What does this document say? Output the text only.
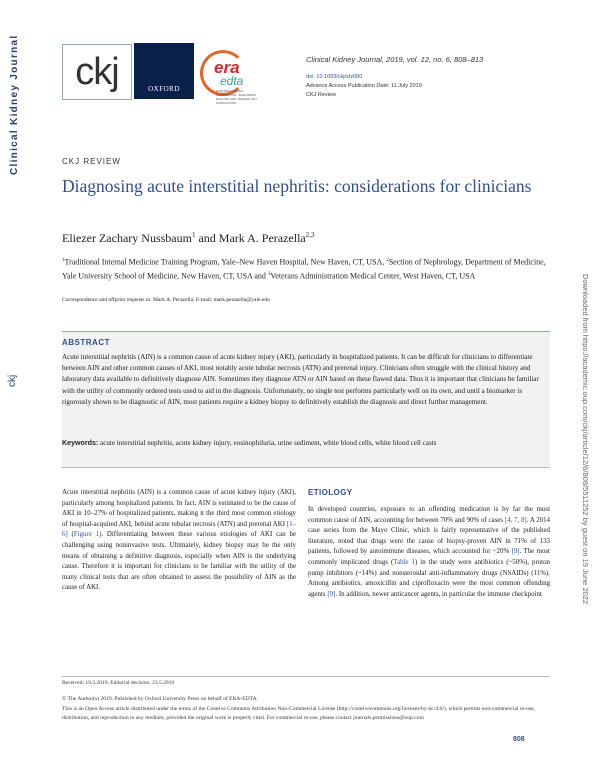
Clinical Kidney Journal
ckj	Downloaded from https://academic.oup.com/ckj/article/12/6/808/5511252 by guest on 19 June 2022
ckj	OXFORD
era
edta
EUROPEAN RENAL ASSOCIATION - EUROPEAN DIALYSIS AND TRANSPLANT ASSOCIATION
Clinical Kidney Journal, 2019, vol. 12, no. 6, 808–813
doi: 10.1093/ckj/sfz080
Advance Access Publication Date: 11 July 2019
CKJ Review
CKJ REVIEW
Diagnosing acute interstitial nephritis: considerations for clinicians
Eliezer Zachary Nussbaum$^1$ and Mark A. Perazella$^{2,3}$
$^1$Traditional Internal Medicine Training Program, Yale–New Haven Hospital, New Haven, CT, USA, $^2$Section of Nephrology, Department of Medicine, Yale University School of Medicine, New Haven, CT, USA and $^3$Veterans Administration Medical Center, West Haven, CT, USA
Correspondence and offprint requests to: Mark A. Perazella; E-mail: mark.perazella@yale.edu
ABSTRACT
Acute interstitial nephritis (AIN) is a common cause of acute kidney injury (AKI), particularly in hospitalized patients. It can be difficult for clinicians to differentiate between AIN and other common causes of AKI, most notably acute tubular necrosis (ATN) and prerenal injury. Clinicians often struggle with the clinical history and laboratory data available to definitively diagnose AIN. Sometimes they diagnose ATN or AIN based on these flawed data. Thus it is important that clinicians be familiar with the utility of commonly ordered tests used to aid in the diagnosis. Unfortunately, no single test performs particularly well on its own, and until a biomarker is rigorously shown to be diagnostic of AIN, most patients require a kidney biopsy to definitively establish the diagnosis and direct further management.
Keywords: acute interstitial nephritis, acute kidney injury, eosinophiluria, urine sediment, white blood cells, white blood cell casts
Acute interstitial nephritis (AIN) is a common cause of acute kidney injury (AKI), particularly among hospitalized patients. In fact, AIN is estimated to be the cause of AKI in 10–27% of hospitalized patients, making it the third most common etiology of hospital-acquired AKI, behind acute tubular necrosis (ATN) and prerenal AKI [1–6] (Figure 1). Differentiating between these various etiologies of AKI can be challenging using noninvasive tests. Ultimately, kidney biopsy may be the only means of obtaining a definitive diagnosis, especially when AIN is the underlying cause. Therefore it is important for clinicians to be familiar with the utility of the many clinical tests that are often obtained to assess the possibility of AIN as the cause of AKI.
ETIOLOGY
In developed countries, exposure to an offending medication is by far the most common cause of AIN, accounting for between 70% and 90% of cases [4, 7, 8]. A 2014 case series from the Mayo Clinic, which is fairly representative of the published literature, noted that drugs were the cause of biopsy-proven AIN in 71% of 133 patients, followed by autoimmune diseases, which accounted for ~20% [9]. The most commonly implicated drugs (Table 1) in the study were antibiotics (~50%), proton pump inhibitors (~14%) and nonsteroidal anti-inflammatory drugs (NSAIDs) (11%). Among antibiotics, amoxicillin and ciprofloxacin were the most common offending agents [9]. In addition, newer anticancer agents, in particular the immune checkpoint
Received: 19.3.2019; Editorial decision: 23.5.2019
© The Author(s) 2019. Published by Oxford University Press on behalf of ERA-EDTA.
This is an Open Access article distributed under the terms of the Creative Commons Attribution Non-Commercial License (http://creativecommons.org/licenses/by-nc/4.0/), which permits non-commercial re-use, distribution, and reproduction in any medium, provided the original work is properly cited. For commercial re-use, please contact journals.permissions@oup.com
808
